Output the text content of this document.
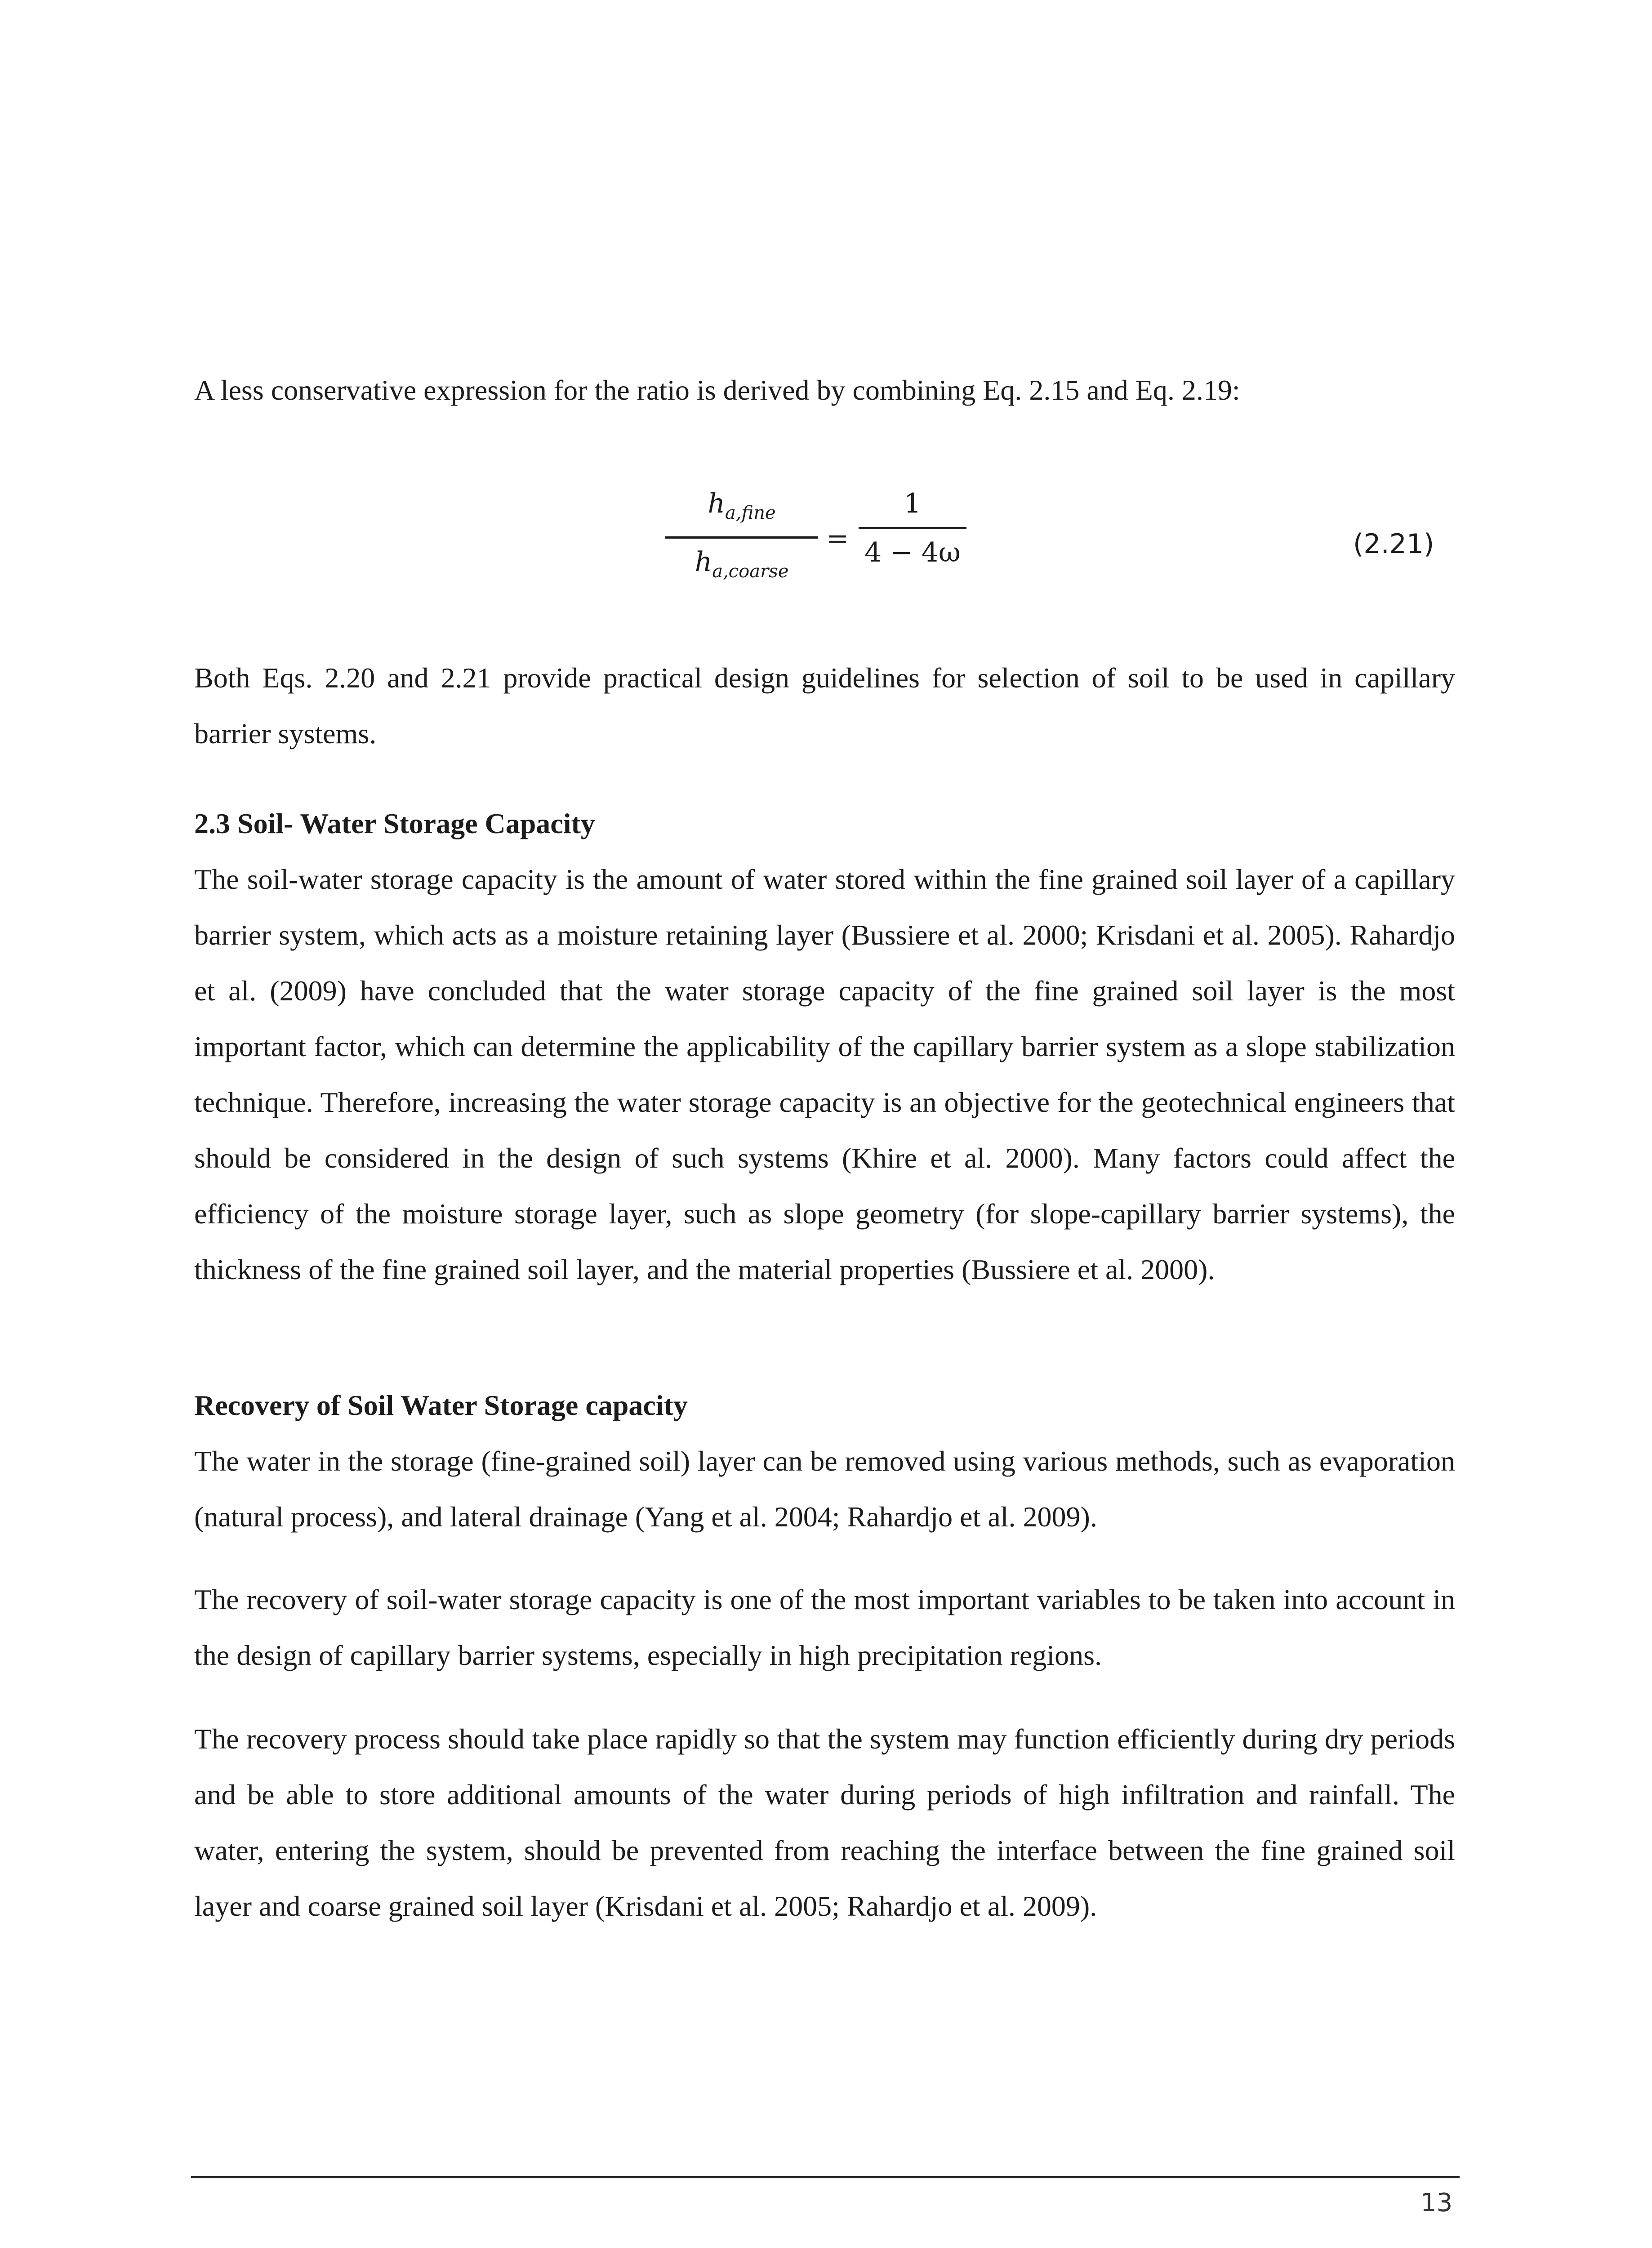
A less conservative expression for the ratio is derived by combining Eq. 2.15 and Eq. 2.19:

$h_{a,fine}$
$h_{a,coarse}$
=
1
4 − 4ω	(2.21)

Both Eqs. 2.20 and 2.21 provide practical design guidelines for selection of soil to be used in capillary barrier systems.

2.3 Soil- Water Storage Capacity

The soil-water storage capacity is the amount of water stored within the fine grained soil layer of a capillary barrier system, which acts as a moisture retaining layer (Bussiere et al. 2000; Krisdani et al. 2005). Rahardjo et al. (2009) have concluded that the water storage capacity of the fine grained soil layer is the most important factor, which can determine the applicability of the capillary barrier system as a slope stabilization technique. Therefore, increasing the water storage capacity is an objective for the geotechnical engineers that should be considered in the design of such systems (Khire et al. 2000). Many factors could affect the efficiency of the moisture storage layer, such as slope geometry (for slope-capillary barrier systems), the thickness of the fine grained soil layer, and the material properties (Bussiere et al. 2000).

Recovery of Soil Water Storage capacity

The water in the storage (fine-grained soil) layer can be removed using various methods, such as evaporation (natural process), and lateral drainage (Yang et al. 2004; Rahardjo et al. 2009).

The recovery of soil-water storage capacity is one of the most important variables to be taken into account in the design of capillary barrier systems, especially in high precipitation regions.

The recovery process should take place rapidly so that the system may function efficiently during dry periods and be able to store additional amounts of the water during periods of high infiltration and rainfall. The water, entering the system, should be prevented from reaching the interface between the fine grained soil layer and coarse grained soil layer (Krisdani et al. 2005; Rahardjo et al. 2009).

13
